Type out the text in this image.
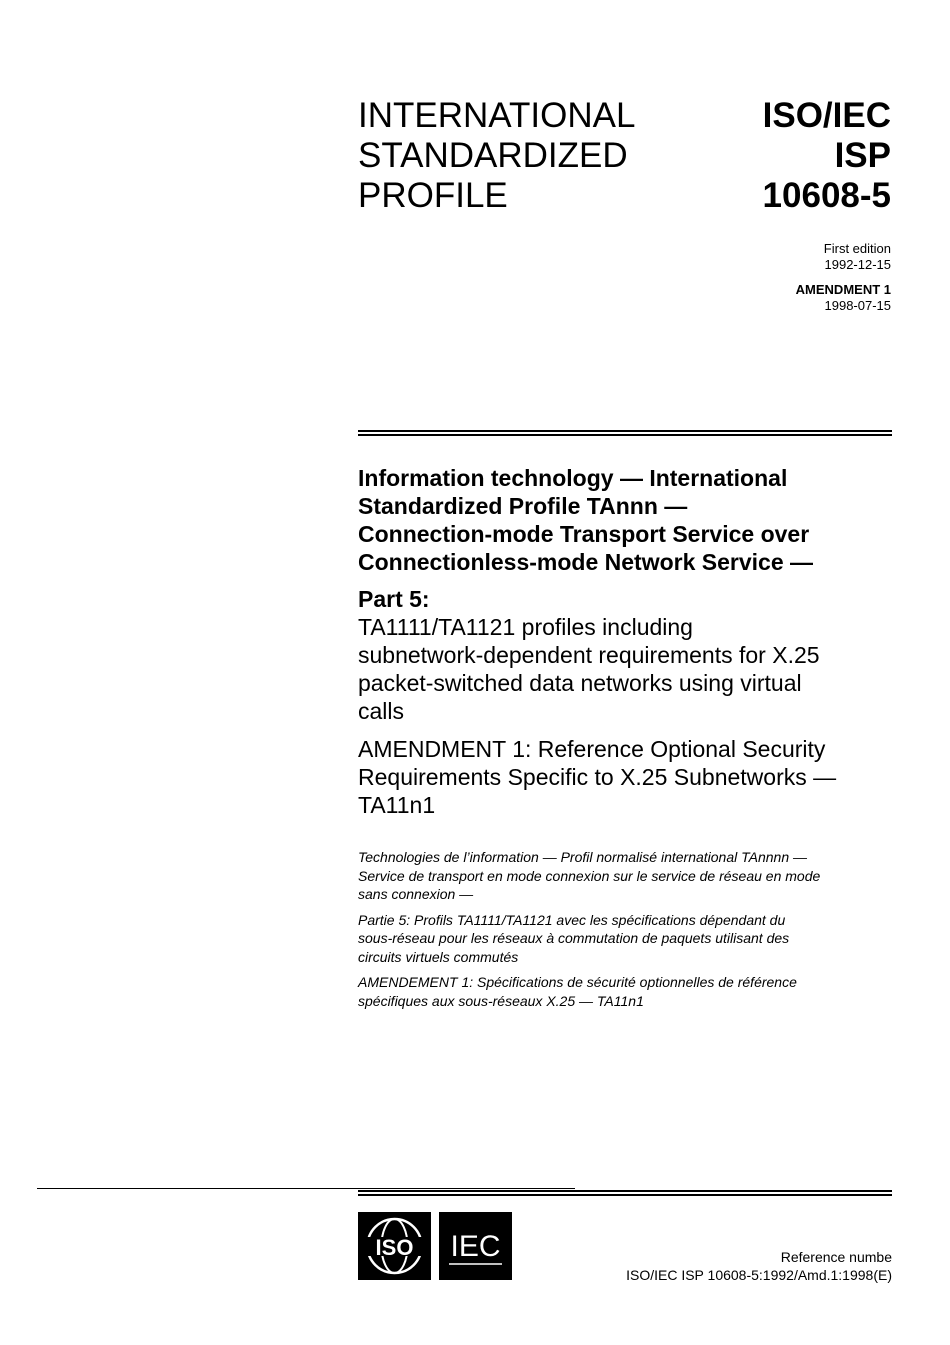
INTERNATIONAL
STANDARDIZED
PROFILE
ISO/IEC
ISP
10608-5
First edition
1992-12-15
AMENDMENT 1
1998-07-15
Information technology — International
Standardized Profile TAnnn —
Connection-mode Transport Service over
Connectionless-mode Network Service —
Part 5:
TA1111/TA1121 profiles including
subnetwork-dependent requirements for X.25
packet-switched data networks using virtual
calls
AMENDMENT 1: Reference Optional Security
Requirements Specific to X.25 Subnetworks —
TA11n1

Technologies de l’information — Profil normalisé international TAnnnn —
Service de transport en mode connexion sur le service de réseau en mode
sans connexion —

Partie 5: Profils TA1111/TA1121 avec les spécifications dépendant du
sous-réseau pour les réseaux à commutation de paquets utilisant des
circuits virtuels commutés

AMENDEMENT 1: Spécifications de sécurité optionnelles de référence
spécifiques aux sous-réseaux X.25 — TA11n1

ISO IEC	Reference numbe
ISO/IEC ISP 10608-5:1992/Amd.1:1998(E)
